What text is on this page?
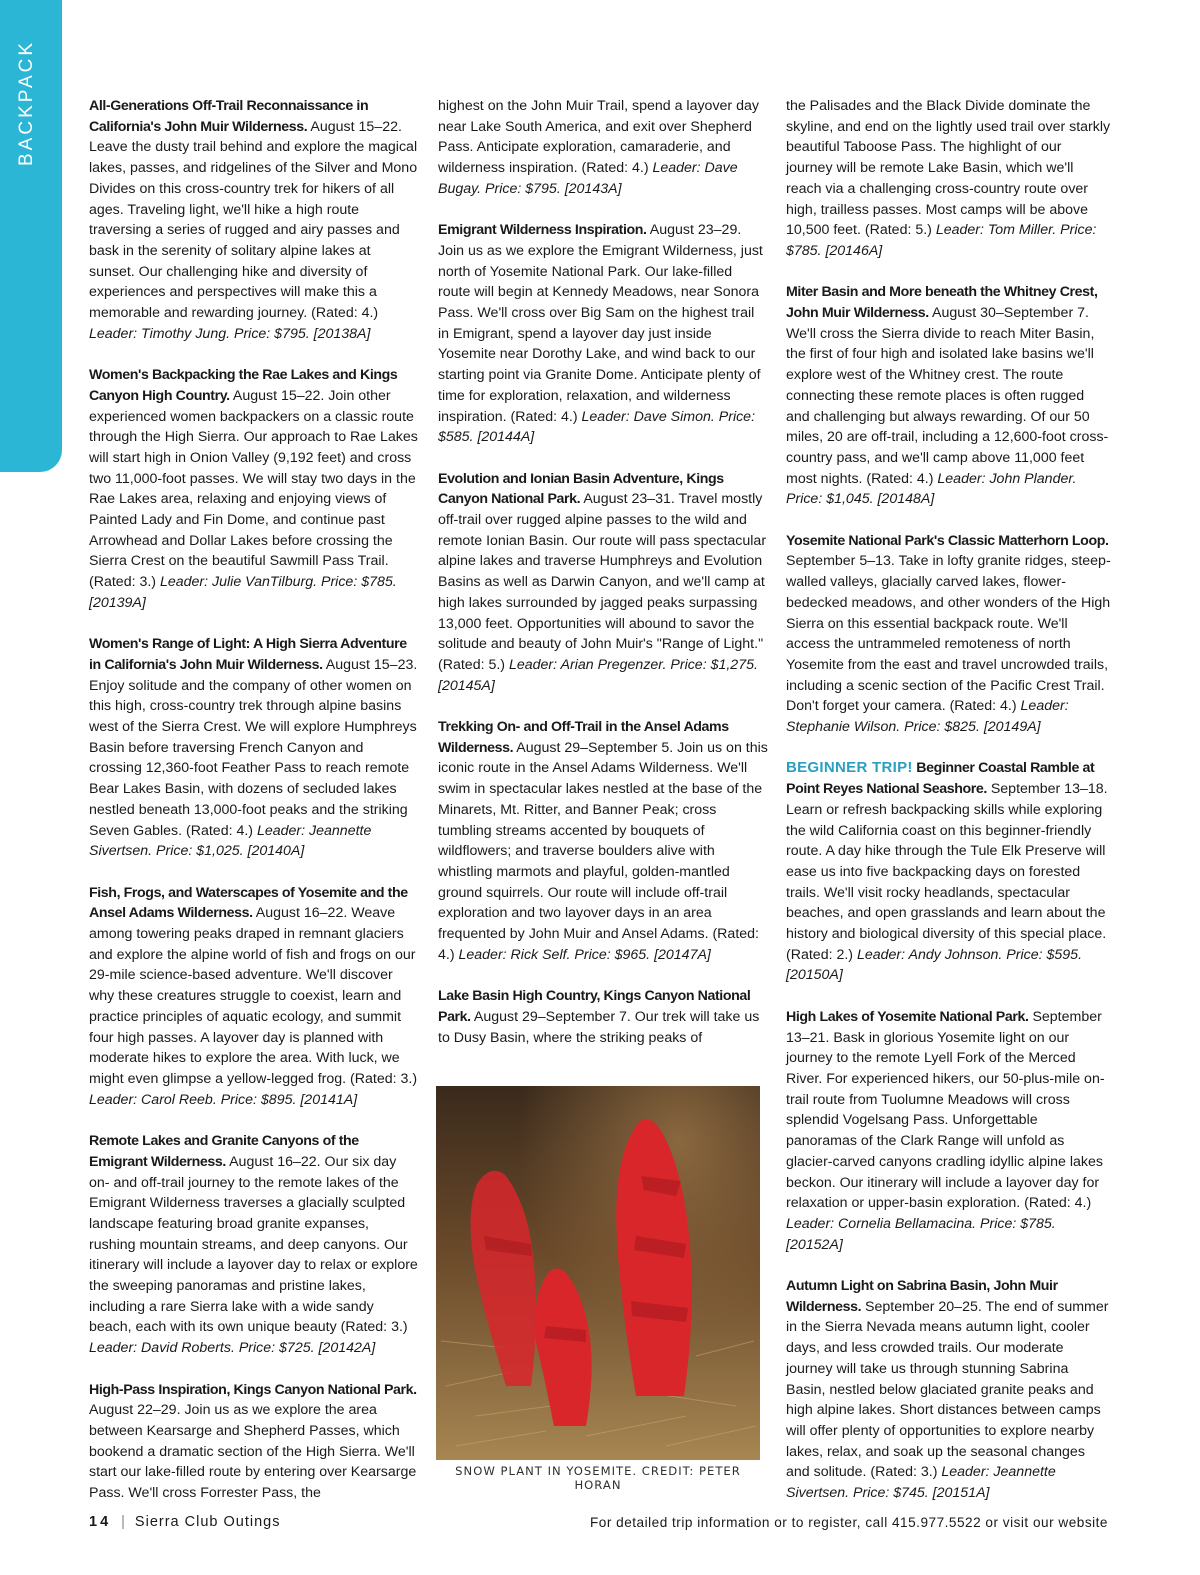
BACKPACK	All-Generations Off-Trail Reconnaissance in California's John Muir Wilderness. August 15–22. Leave the dusty trail behind and explore the magical lakes, passes, and ridgelines of the Silver and Mono Divides on this cross-country trek for hikers of all ages. Traveling light, we'll hike a high route traversing a series of rugged and airy passes and bask in the serenity of solitary alpine lakes at sunset. Our challenging hike and diversity of experiences and perspectives will make this a memorable and rewarding journey. (Rated: 4.) Leader: Timothy Jung. Price: $795. [20138A]

Women's Backpacking the Rae Lakes and Kings Canyon High Country. August 15–22. Join other experienced women backpackers on a classic route through the High Sierra. Our approach to Rae Lakes will start high in Onion Valley (9,192 feet) and cross two 11,000-foot passes. We will stay two days in the Rae Lakes area, relaxing and enjoying views of Painted Lady and Fin Dome, and continue past Arrowhead and Dollar Lakes before crossing the Sierra Crest on the beautiful Sawmill Pass Trail. (Rated: 3.) Leader: Julie VanTilburg. Price: $785. [20139A]

Women's Range of Light: A High Sierra Adventure in California's John Muir Wilderness. August 15–23. Enjoy solitude and the company of other women on this high, cross-country trek through alpine basins west of the Sierra Crest. We will explore Humphreys Basin before traversing French Canyon and crossing 12,360-foot Feather Pass to reach remote Bear Lakes Basin, with dozens of secluded lakes nestled beneath 13,000-foot peaks and the striking Seven Gables. (Rated: 4.) Leader: Jeannette Sivertsen. Price: $1,025. [20140A]

Fish, Frogs, and Waterscapes of Yosemite and the Ansel Adams Wilderness. August 16–22. Weave among towering peaks draped in remnant glaciers and explore the alpine world of fish and frogs on our 29-mile science-based adventure. We'll discover why these creatures struggle to coexist, learn and practice principles of aquatic ecology, and summit four high passes. A layover day is planned with moderate hikes to explore the area. With luck, we might even glimpse a yellow-legged frog. (Rated: 3.) Leader: Carol Reeb. Price: $895. [20141A]

Remote Lakes and Granite Canyons of the Emigrant Wilderness. August 16–22. Our six day on- and off-trail journey to the remote lakes of the Emigrant Wilderness traverses a glacially sculpted landscape featuring broad granite expanses, rushing mountain streams, and deep canyons. Our itinerary will include a layover day to relax or explore the sweeping panoramas and pristine lakes, including a rare Sierra lake with a wide sandy beach, each with its own unique beauty (Rated: 3.) Leader: David Roberts. Price: $725. [20142A]

High-Pass Inspiration, Kings Canyon National Park. August 22–29. Join us as we explore the area between Kearsarge and Shepherd Passes, which bookend a dramatic section of the High Sierra. We'll start our lake-filled route by entering over Kearsarge Pass. We'll cross Forrester Pass, the

highest on the John Muir Trail, spend a layover day near Lake South America, and exit over Shepherd Pass. Anticipate exploration, camaraderie, and wilderness inspiration. (Rated: 4.) Leader: Dave Bugay. Price: $795. [20143A]

Emigrant Wilderness Inspiration. August 23–29. Join us as we explore the Emigrant Wilderness, just north of Yosemite National Park. Our lake-filled route will begin at Kennedy Meadows, near Sonora Pass. We'll cross over Big Sam on the highest trail in Emigrant, spend a layover day just inside Yosemite near Dorothy Lake, and wind back to our starting point via Granite Dome. Anticipate plenty of time for exploration, relaxation, and wilderness inspiration. (Rated: 4.) Leader: Dave Simon. Price: $585. [20144A]

Evolution and Ionian Basin Adventure, Kings Canyon National Park. August 23–31. Travel mostly off-trail over rugged alpine passes to the wild and remote Ionian Basin. Our route will pass spectacular alpine lakes and traverse Humphreys and Evolution Basins as well as Darwin Canyon, and we'll camp at high lakes surrounded by jagged peaks surpassing 13,000 feet. Opportunities will abound to savor the solitude and beauty of John Muir's "Range of Light." (Rated: 5.) Leader: Arian Pregenzer. Price: $1,275. [20145A]

Trekking On- and Off-Trail in the Ansel Adams Wilderness. August 29–September 5. Join us on this iconic route in the Ansel Adams Wilderness. We'll swim in spectacular lakes nestled at the base of the Minarets, Mt. Ritter, and Banner Peak; cross tumbling streams accented by bouquets of wildflowers; and traverse boulders alive with whistling marmots and playful, golden-mantled ground squirrels. Our route will include off-trail exploration and two layover days in an area frequented by John Muir and Ansel Adams. (Rated: 4.) Leader: Rick Self. Price: $965. [20147A]

Lake Basin High Country, Kings Canyon National Park. August 29–September 7. Our trek will take us to Dusy Basin, where the striking peaks of

the Palisades and the Black Divide dominate the skyline, and end on the lightly used trail over starkly beautiful Taboose Pass. The highlight of our journey will be remote Lake Basin, which we'll reach via a challenging cross-country route over high, trailless passes. Most camps will be above 10,500 feet. (Rated: 5.) Leader: Tom Miller. Price: $785. [20146A]

Miter Basin and More beneath the Whitney Crest, John Muir Wilderness. August 30–September 7. We'll cross the Sierra divide to reach Miter Basin, the first of four high and isolated lake basins we'll explore west of the Whitney crest. The route connecting these remote places is often rugged and challenging but always rewarding. Of our 50 miles, 20 are off-trail, including a 12,600-foot cross-country pass, and we'll camp above 11,000 feet most nights. (Rated: 4.) Leader: John Plander. Price: $1,045. [20148A]

Yosemite National Park's Classic Matterhorn Loop. September 5–13. Take in lofty granite ridges, steep-walled valleys, glacially carved lakes, flower-bedecked meadows, and other wonders of the High Sierra on this essential backpack route. We'll access the untrammeled remoteness of north Yosemite from the east and travel uncrowded trails, including a scenic section of the Pacific Crest Trail. Don't forget your camera. (Rated: 4.) Leader: Stephanie Wilson. Price: $825. [20149A]

BEGINNER TRIP! Beginner Coastal Ramble at Point Reyes National Seashore. September 13–18. Learn or refresh backpacking skills while exploring the wild California coast on this beginner-friendly route. A day hike through the Tule Elk Preserve will ease us into five backpacking days on forested trails. We'll visit rocky headlands, spectacular beaches, and open grasslands and learn about the history and biological diversity of this special place. (Rated: 2.) Leader: Andy Johnson. Price: $595. [20150A]

High Lakes of Yosemite National Park. September 13–21. Bask in glorious Yosemite light on our journey to the remote Lyell Fork of the Merced River. For experienced hikers, our 50-plus-mile on-trail route from Tuolumne Meadows will cross splendid Vogelsang Pass. Unforgettable panoramas of the Clark Range will unfold as glacier-carved canyons cradling idyllic alpine lakes beckon. Our itinerary will include a layover day for relaxation or upper-basin exploration. (Rated: 4.) Leader: Cornelia Bellamacina. Price: $785. [20152A]

Autumn Light on Sabrina Basin, John Muir Wilderness. September 20–25. The end of summer in the Sierra Nevada means autumn light, cooler days, and less crowded trails. Our moderate journey will take us through stunning Sabrina Basin, nestled below glaciated granite peaks and high alpine lakes. Short distances between camps will offer plenty of opportunities to explore nearby lakes, relax, and soak up the seasonal changes and solitude. (Rated: 3.) Leader: Jeannette Sivertsen. Price: $745. [20151A]

SNOW PLANT IN YOSEMITE. CREDIT: PETER HORAN
14 | Sierra Club Outings	For detailed trip information or to register, call 415.977.5522 or visit our website
